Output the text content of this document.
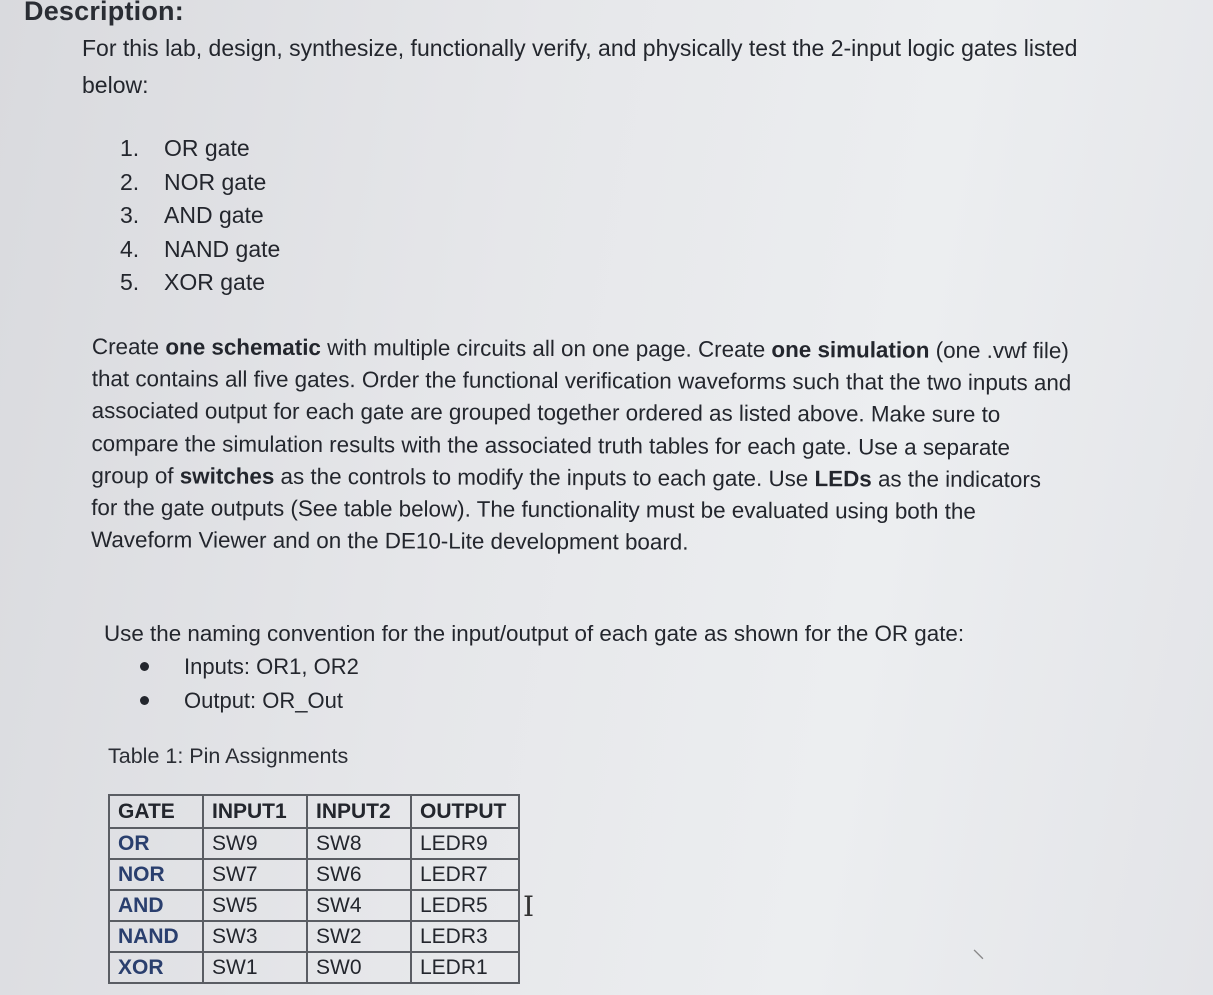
Description:
For this lab, design, synthesize, functionally verify, and physically test the 2-input logic gates listed below:
1.	OR gate
2.	NOR gate
3.	AND gate
4.	NAND gate
5.	XOR gate
Create one schematic with multiple circuits all on one page. Create one simulation (one .vwf file) that contains all five gates. Order the functional verification waveforms such that the two inputs and associated output for each gate are grouped together ordered as listed above. Make sure to compare the simulation results with the associated truth tables for each gate. Use a separate group of switches as the controls to modify the inputs to each gate. Use LEDs as the indicators for the gate outputs (See table below). The functionality must be evaluated using both the Waveform Viewer and on the DE10-Lite development board.
Use the naming convention for the input/output of each gate as shown for the OR gate:
Inputs: OR1, OR2
Output: OR_Out
Table 1: Pin Assignments
GATE	INPUT1	INPUT2	OUTPUT
OR	SW9	SW8	LEDR9
NOR	SW7	SW6	LEDR7
AND	SW5	SW4	LEDR5
NAND	SW3	SW2	LEDR3
XOR	SW1	SW0	LEDR1
I
⸌
